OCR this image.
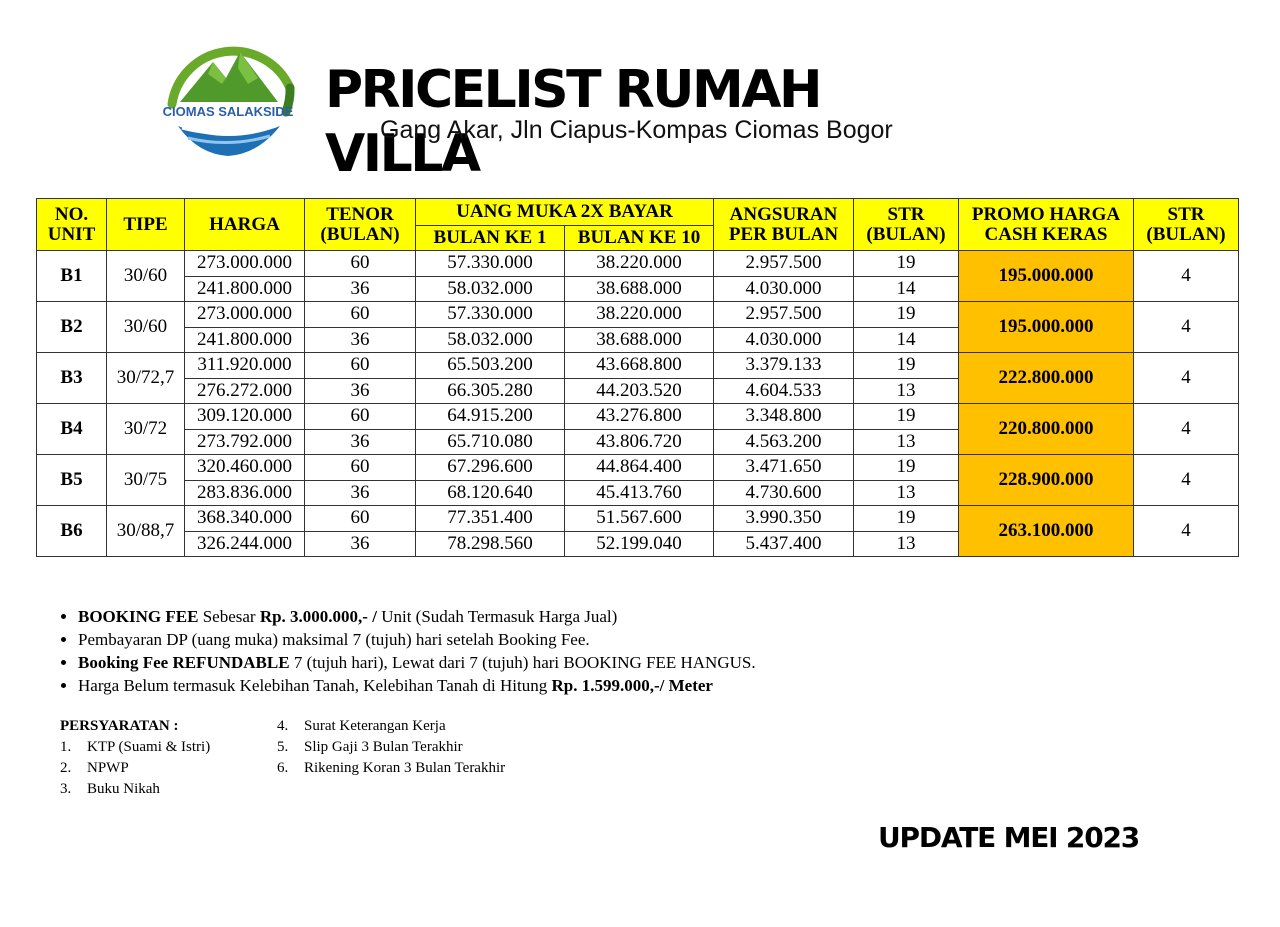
CIOMAS SALAKSIDE PRICELIST RUMAH VILLA
Gang Akar, Jln Ciapus-Kompas Ciomas Bogor
NO. UNIT	TIPE	HARGA	TENOR (BULAN)	UANG MUKA 2X BAYAR		ANGSURAN PER BULAN	STR (BULAN)	PROMO HARGA CASH KERAS	STR (BULAN)
				BULAN KE 1	BULAN KE 10				
B1	30/60	273.000.000	60	57.330.000	38.220.000	2.957.500	19	195.000.000	4
		241.800.000	36	58.032.000	38.688.000	4.030.000	14		
B2	30/60	273.000.000	60	57.330.000	38.220.000	2.957.500	19	195.000.000	4
		241.800.000	36	58.032.000	38.688.000	4.030.000	14		
B3	30/72,7	311.920.000	60	65.503.200	43.668.800	3.379.133	19	222.800.000	4
		276.272.000	36	66.305.280	44.203.520	4.604.533	13		
B4	30/72	309.120.000	60	64.915.200	43.276.800	3.348.800	19	220.800.000	4
		273.792.000	36	65.710.080	43.806.720	4.563.200	13		
B5	30/75	320.460.000	60	67.296.600	44.864.400	3.471.650	19	228.900.000	4
		283.836.000	36	68.120.640	45.413.760	4.730.600	13		
B6	30/88,7	368.340.000	60	77.351.400	51.567.600	3.990.350	19	263.100.000	4
		326.244.000	36	78.298.560	52.199.040	5.437.400	13		
• BOOKING FEE Sebesar Rp. 3.000.000,- / Unit (Sudah Termasuk Harga Jual)
• Pembayaran DP (uang muka) maksimal 7 (tujuh) hari setelah Booking Fee.
• Booking Fee REFUNDABLE 7 (tujuh hari), Lewat dari 7 (tujuh) hari BOOKING FEE HANGUS.
• Harga Belum termasuk Kelebihan Tanah, Kelebihan Tanah di Hitung Rp. 1.599.000,-/ Meter
PERSYARATAN :
1.	KTP (Suami & Istri)
2.	NPWP
3.	Buku Nikah
4.	Surat Keterangan Kerja
5.	Slip Gaji 3 Bulan Terakhir
6.	Rikening Koran 3 Bulan Terakhir
UPDATE MEI 2023
